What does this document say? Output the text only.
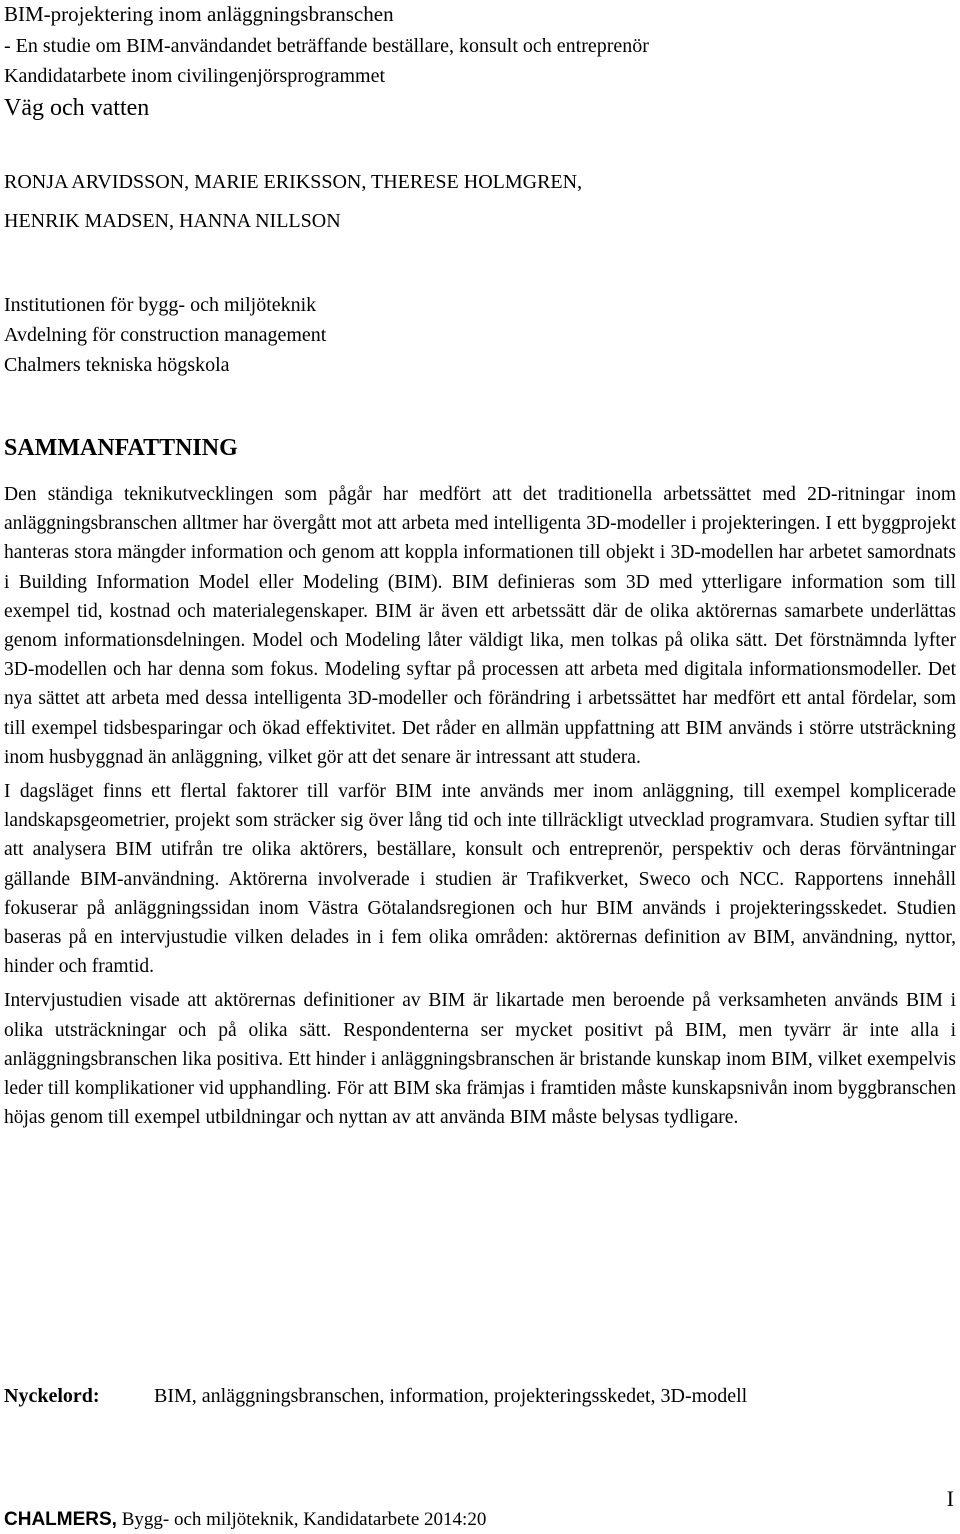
BIM-projektering inom anläggningsbranschen
- En studie om BIM-användandet beträffande beställare, konsult och entreprenör
Kandidatarbete inom civilingenjörsprogrammet
Väg och vatten
RONJA ARVIDSSON, MARIE ERIKSSON, THERESE HOLMGREN,
HENRIK MADSEN, HANNA NILLSON
Institutionen för bygg- och miljöteknik
Avdelning för construction management
Chalmers tekniska högskola
SAMMANFATTNING

Den ständiga teknikutvecklingen som pågår har medfört att det traditionella arbetssättet med 2D-ritningar inom anläggningsbranschen alltmer har övergått mot att arbeta med intelligenta 3D-modeller i projekteringen. I ett byggprojekt hanteras stora mängder information och genom att koppla informationen till objekt i 3D-modellen har arbetet samordnats i Building Information Model eller Modeling (BIM). BIM definieras som 3D med ytterligare information som till exempel tid, kostnad och materialegenskaper. BIM är även ett arbetssätt där de olika aktörernas samarbete underlättas genom informationsdelningen. Model och Modeling låter väldigt lika, men tolkas på olika sätt. Det förstnämnda lyfter 3D-modellen och har denna som fokus. Modeling syftar på processen att arbeta med digitala informationsmodeller. Det nya sättet att arbeta med dessa intelligenta 3D-modeller och förändring i arbetssättet har medfört ett antal fördelar, som till exempel tidsbesparingar och ökad effektivitet. Det råder en allmän uppfattning att BIM används i större utsträckning inom husbyggnad än anläggning, vilket gör att det senare är intressant att studera.

I dagsläget finns ett flertal faktorer till varför BIM inte används mer inom anläggning, till exempel komplicerade landskapsgeometrier, projekt som sträcker sig över lång tid och inte tillräckligt utvecklad programvara. Studien syftar till att analysera BIM utifrån tre olika aktörers, beställare, konsult och entreprenör, perspektiv och deras förväntningar gällande BIM-användning. Aktörerna involverade i studien är Trafikverket, Sweco och NCC. Rapportens innehåll fokuserar på anläggningssidan inom Västra Götalandsregionen och hur BIM används i projekteringsskedet. Studien baseras på en intervjustudie vilken delades in i fem olika områden: aktörernas definition av BIM, användning, nyttor, hinder och framtid.

Intervjustudien visade att aktörernas definitioner av BIM är likartade men beroende på verksamheten används BIM i olika utsträckningar och på olika sätt. Respondenterna ser mycket positivt på BIM, men tyvärr är inte alla i anläggningsbranschen lika positiva. Ett hinder i anläggningsbranschen är bristande kunskap inom BIM, vilket exempelvis leder till komplikationer vid upphandling. För att BIM ska främjas i framtiden måste kunskapsnivån inom byggbranschen höjas genom till exempel utbildningar och nyttan av att använda BIM måste belysas tydligare.

Nyckelord:	BIM, anläggningsbranschen, information, projekteringsskedet, 3D-modell
I
CHALMERS, Bygg- och miljöteknik, Kandidatarbete 2014:20
